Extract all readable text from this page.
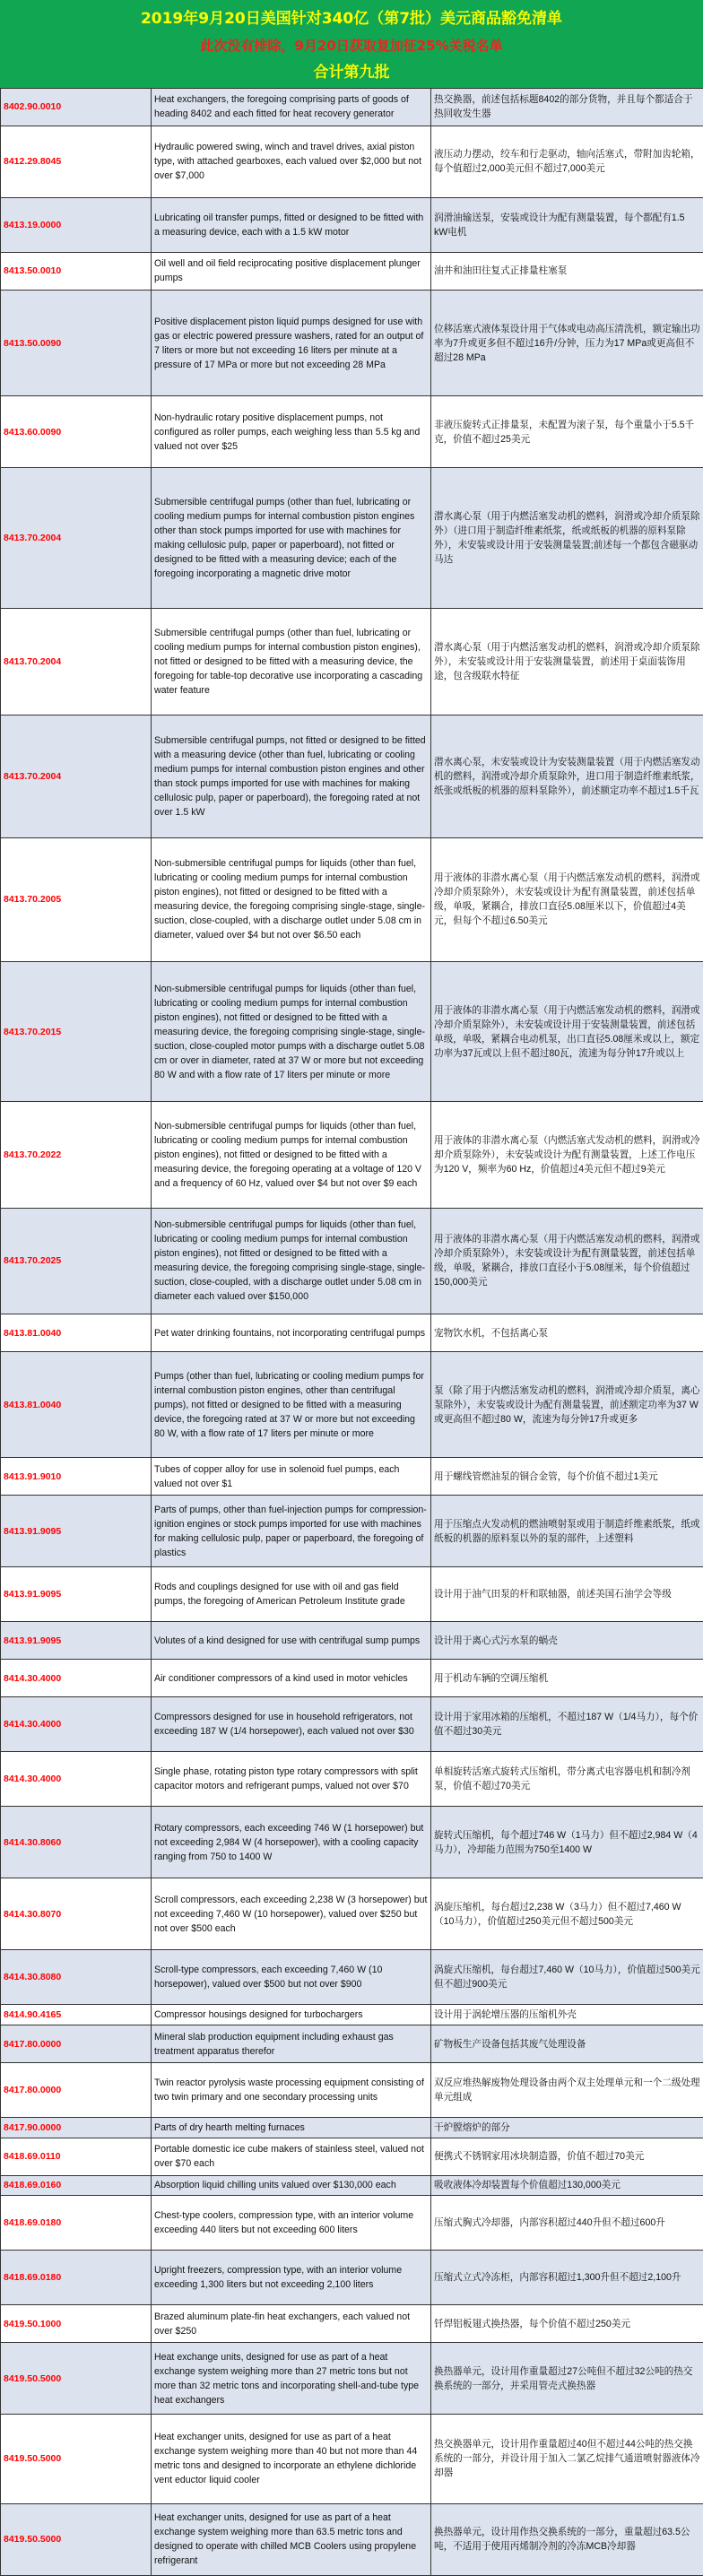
2019年9月20日美国针对340亿（第7批）美元商品豁免清单
此次没有排除，9月20日获取复加征25%关税名单
合计第九批
8402.90.0010	Heat exchangers, the foregoing comprising parts of goods of heading 8402 and each fitted for heat recovery generator	热交换器，前述包括标题8402的部分货物，并且每个都适合于热回收发生器
8412.29.8045	Hydraulic powered swing, winch and travel drives, axial piston type, with attached gearboxes, each valued over $2,000 but not over $7,000	液压动力摆动，绞车和行走驱动，轴向活塞式，带附加齿轮箱，每个值超过2,000美元但不超过7,000美元
8413.19.0000	Lubricating oil transfer pumps, fitted or designed to be fitted with a measuring device, each with a 1.5 kW motor	润滑油输送泵，安装或设计为配有测量装置，每个都配有1.5 kW电机
8413.50.0010	Oil well and oil field reciprocating positive displacement plunger pumps	油井和油田往复式正排量柱塞泵
8413.50.0090	Positive displacement piston liquid pumps designed for use with gas or electric powered pressure washers, rated for an output of 7 liters or more but not exceeding 16 liters per minute at a pressure of 17 MPa or more but not exceeding 28 MPa	位移活塞式液体泵设计用于气体或电动高压清洗机，额定输出功率为7升或更多但不超过16升/分钟，压力为17 MPa或更高但不超过28 MPa
8413.60.0090	Non-hydraulic rotary positive displacement pumps, not configured as roller pumps, each weighing less than 5.5 kg and valued not over $25	非液压旋转式正排量泵，未配置为滚子泵，每个重量小于5.5千克，价值不超过25美元
8413.70.2004	Submersible centrifugal pumps (other than fuel, lubricating or cooling medium pumps for internal combustion piston engines other than stock pumps imported for use with machines for making cellulosic pulp, paper or paperboard), not fitted or designed to be fitted with a measuring device; each of the foregoing incorporating a magnetic drive motor	潜水离心泵（用于内燃活塞发动机的燃料，润滑或冷却介质泵除外）（进口用于制造纤维素纸浆，纸或纸板的机器的原料泵除外），未安装或设计用于安装测量装置;前述每一个都包含磁驱动马达
8413.70.2004	Submersible centrifugal pumps (other than fuel, lubricating or cooling medium pumps for internal combustion piston engines), not fitted or designed to be fitted with a measuring device, the foregoing for table-top decorative use incorporating a cascading water feature	潜水离心泵（用于内燃活塞发动机的燃料，润滑或冷却介质泵除外），未安装或设计用于安装测量装置，前述用于桌面装饰用途，包含级联水特征
8413.70.2004	Submersible centrifugal pumps, not fitted or designed to be fitted with a measuring device (other than fuel, lubricating or cooling medium pumps for internal combustion piston engines and other than stock pumps imported for use with machines for making cellulosic pulp, paper or paperboard), the foregoing rated at not over 1.5 kW	潜水离心泵，未安装或设计为安装测量装置（用于内燃活塞发动机的燃料，润滑或冷却介质泵除外，进口用于制造纤维素纸浆，纸张或纸板的机器的原料泵除外），前述额定功率不超过1.5千瓦
8413.70.2005	Non-submersible centrifugal pumps for liquids (other than fuel, lubricating or cooling medium pumps for internal combustion piston engines), not fitted or designed to be fitted with a measuring device, the foregoing comprising single-stage, single-suction, close-coupled, with a discharge outlet under 5.08 cm in diameter, valued over $4 but not over $6.50 each	用于液体的非潜水离心泵（用于内燃活塞发动机的燃料，润滑或冷却介质泵除外），未安装或设计为配有测量装置，前述包括单级，单吸，紧耦合，排放口直径5.08厘米以下，价值超过4美元，但每个不超过6.50美元
8413.70.2015	Non-submersible centrifugal pumps for liquids (other than fuel, lubricating or cooling medium pumps for internal combustion piston engines), not fitted or designed to be fitted with a measuring device, the foregoing comprising single-stage, single-suction, close-coupled motor pumps with a discharge outlet 5.08 cm or over in diameter, rated at 37 W or more but not exceeding 80 W and with a flow rate of 17 liters per minute or more	用于液体的非潜水离心泵（用于内燃活塞发动机的燃料，润滑或冷却介质泵除外），未安装或设计用于安装测量装置，前述包括单级，单吸，紧耦合电动机泵，出口直径5.08厘米或以上，额定功率为37瓦或以上但不超过80瓦，流速为每分钟17升或以上
8413.70.2022	Non-submersible centrifugal pumps for liquids (other than fuel, lubricating or cooling medium pumps for internal combustion piston engines), not fitted or designed to be fitted with a measuring device, the foregoing operating at a voltage of 120 V and a frequency of 60 Hz, valued over $4 but not over $9 each	用于液体的非潜水离心泵（内燃活塞式发动机的燃料，润滑或冷却介质泵除外），未安装或设计为配有测量装置，上述工作电压为120 V，频率为60 Hz，价值超过4美元但不超过9美元
8413.70.2025	Non-submersible centrifugal pumps for liquids (other than fuel, lubricating or cooling medium pumps for internal combustion piston engines), not fitted or designed to be fitted with a measuring device, the foregoing comprising single-stage, single-suction, close-coupled, with a discharge outlet under 5.08 cm in diameter each valued over $150,000	用于液体的非潜水离心泵（用于内燃活塞发动机的燃料，润滑或冷却介质泵除外），未安装或设计为配有测量装置，前述包括单级，单吸，紧耦合，排放口直径小于5.08厘米，每个价值超过150,000美元
8413.81.0040	Pet water drinking fountains, not incorporating centrifugal pumps	宠物饮水机，不包括离心泵
8413.81.0040	Pumps (other than fuel, lubricating or cooling medium pumps for internal combustion piston engines, other than centrifugal pumps), not fitted or designed to be fitted with a measuring device, the foregoing rated at 37 W or more but not exceeding 80 W, with a flow rate of 17 liters per minute or more	泵（除了用于内燃活塞发动机的燃料，润滑或冷却介质泵，离心泵除外），未安装或设计为配有测量装置，前述额定功率为37 W或更高但不超过80 W，流速为每分钟17升或更多
8413.91.9010	Tubes of copper alloy for use in solenoid fuel pumps, each valued not over $1	用于螺线管燃油泵的铜合金管，每个价值不超过1美元
8413.91.9095	Parts of pumps, other than fuel-injection pumps for compression-ignition engines or stock pumps imported for use with machines for making cellulosic pulp, paper or paperboard, the foregoing of plastics	用于压缩点火发动机的燃油喷射泵或用于制造纤维素纸浆，纸或纸板的机器的原料泵以外的泵的部件，上述塑料
8413.91.9095	Rods and couplings designed for use with oil and gas field pumps, the foregoing of American Petroleum Institute grade	设计用于油气田泵的杆和联轴器，前述美国石油学会等级
8413.91.9095	Volutes of a kind designed for use with centrifugal sump pumps	设计用于离心式污水泵的蜗壳
8414.30.4000	Air conditioner compressors of a kind used in motor vehicles	用于机动车辆的空调压缩机
8414.30.4000	Compressors designed for use in household refrigerators, not exceeding 187 W (1/4 horsepower), each valued not over $30	设计用于家用冰箱的压缩机，不超过187 W（1/4马力），每个价值不超过30美元
8414.30.4000	Single phase, rotating piston type rotary compressors with split capacitor motors and refrigerant pumps, valued not over $70	单相旋转活塞式旋转式压缩机，带分离式电容器电机和制冷剂泵，价值不超过70美元
8414.30.8060	Rotary compressors, each exceeding 746 W (1 horsepower) but not exceeding 2,984 W (4 horsepower), with a cooling capacity ranging from 750 to 1400 W	旋转式压缩机，每个超过746 W（1马力）但不超过2,984 W（4马力），冷却能力范围为750至1400 W
8414.30.8070	Scroll compressors, each exceeding 2,238 W (3 horsepower) but not exceeding 7,460 W (10 horsepower), valued over $250 but not over $500 each	涡旋压缩机，每台超过2,238 W（3马力）但不超过7,460 W（10马力），价值超过250美元但不超过500美元
8414.30.8080	Scroll-type compressors, each exceeding 7,460 W (10 horsepower), valued over $500 but not over $900	涡旋式压缩机，每台超过7,460 W（10马力），价值超过500美元但不超过900美元
8414.90.4165	Compressor housings designed for turbochargers	设计用于涡轮增压器的压缩机外壳
8417.80.0000	Mineral slab production equipment including exhaust gas treatment apparatus therefor	矿物板生产设备包括其废气处理设备
8417.80.0000	Twin reactor pyrolysis waste processing equipment consisting of two twin primary and one secondary processing units	双反应堆热解废物处理设备由两个双主处理单元和一个二级处理单元组成
8417.90.0000	Parts of dry hearth melting furnaces	干炉膛熔炉的部分
8418.69.0110	Portable domestic ice cube makers of stainless steel, valued not over $70 each	便携式不锈钢家用冰块制造器，价值不超过70美元
8418.69.0160	Absorption liquid chilling units valued over $130,000 each	吸收液体冷却装置每个价值超过130,000美元
8418.69.0180	Chest-type coolers, compression type, with an interior volume exceeding 440 liters but not exceeding 600 liters	压缩式胸式冷却器，内部容积超过440升但不超过600升
8418.69.0180	Upright freezers, compression type, with an interior volume exceeding 1,300 liters but not exceeding 2,100 liters	压缩式立式冷冻柜，内部容积超过1,300升但不超过2,100升
8419.50.1000	Brazed aluminum plate-fin heat exchangers, each valued not over $250	钎焊铝板翅式换热器，每个价值不超过250美元
8419.50.5000	Heat exchange units, designed for use as part of a heat exchange system weighing more than 27 metric tons but not more than 32 metric tons and incorporating shell-and-tube type heat exchangers	换热器单元，设计用作重量超过27公吨但不超过32公吨的热交换系统的一部分，并采用管壳式换热器
8419.50.5000	Heat exchanger units, designed for use as part of a heat exchange system weighing more than 40 but not more than 44 metric tons and designed to incorporate an ethylene dichloride vent eductor liquid cooler	热交换器单元，设计用作重量超过40但不超过44公吨的热交换系统的一部分，并设计用于加入二氯乙烷排气通道喷射器液体冷却器
8419.50.5000	Heat exchanger units, designed for use as part of a heat exchange system weighing more than 63.5 metric tons and designed to operate with chilled MCB Coolers using propylene refrigerant	换热器单元，设计用作热交换系统的一部分，重量超过63.5公吨，不适用于使用丙烯制冷剂的冷冻MCB冷却器
